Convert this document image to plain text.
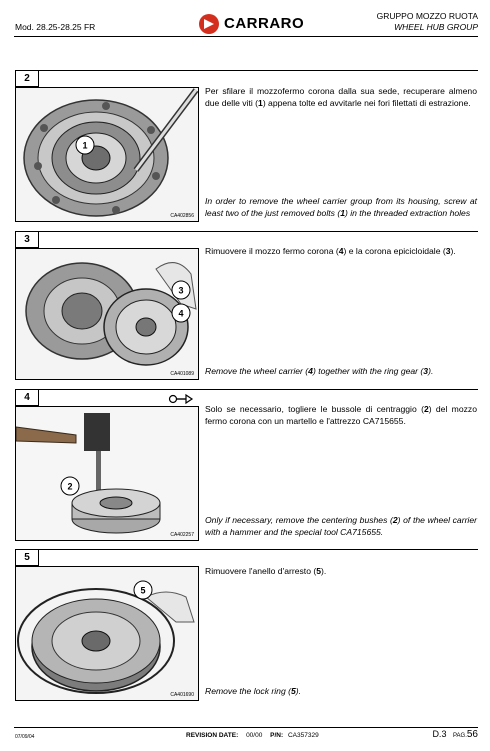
Mod. 28.25-28.25 FR	CARRARO	GRUPPO MOZZO RUOTA
WHEEL HUB GROUP
2
1
CA402856
Per sfilare il mozzofermo corona dalla sua sede, recuperare almeno due delle viti (1) appena tolte ed avvitarle nei fori filettati di estrazione.
In order to remove the wheel carrier group from its housing, screw at least two of the just removed bolts (1) in the threaded extraction holes
3
3
4
CA401089
Rimuovere il mozzo fermo corona (4) e la corona epicicloidale (3).
Remove the wheel carrier (4) together with the ring gear (3).
4
2
CA402257
Solo se necessario, togliere le bussole di centraggio (2) del mozzo fermo corona con un martello e l'attrezzo CA715655.
Only if necessary, remove the centering bushes (2) of the wheel carrier with a hammer and the special tool CA715655.
5
5
CA401690
Rimuovere l'anello d'arresto (5).
Remove the lock ring (5).
07/09/04	REVISION DATE: 00/00 P/N: CA357329	D.3 PAG.56
